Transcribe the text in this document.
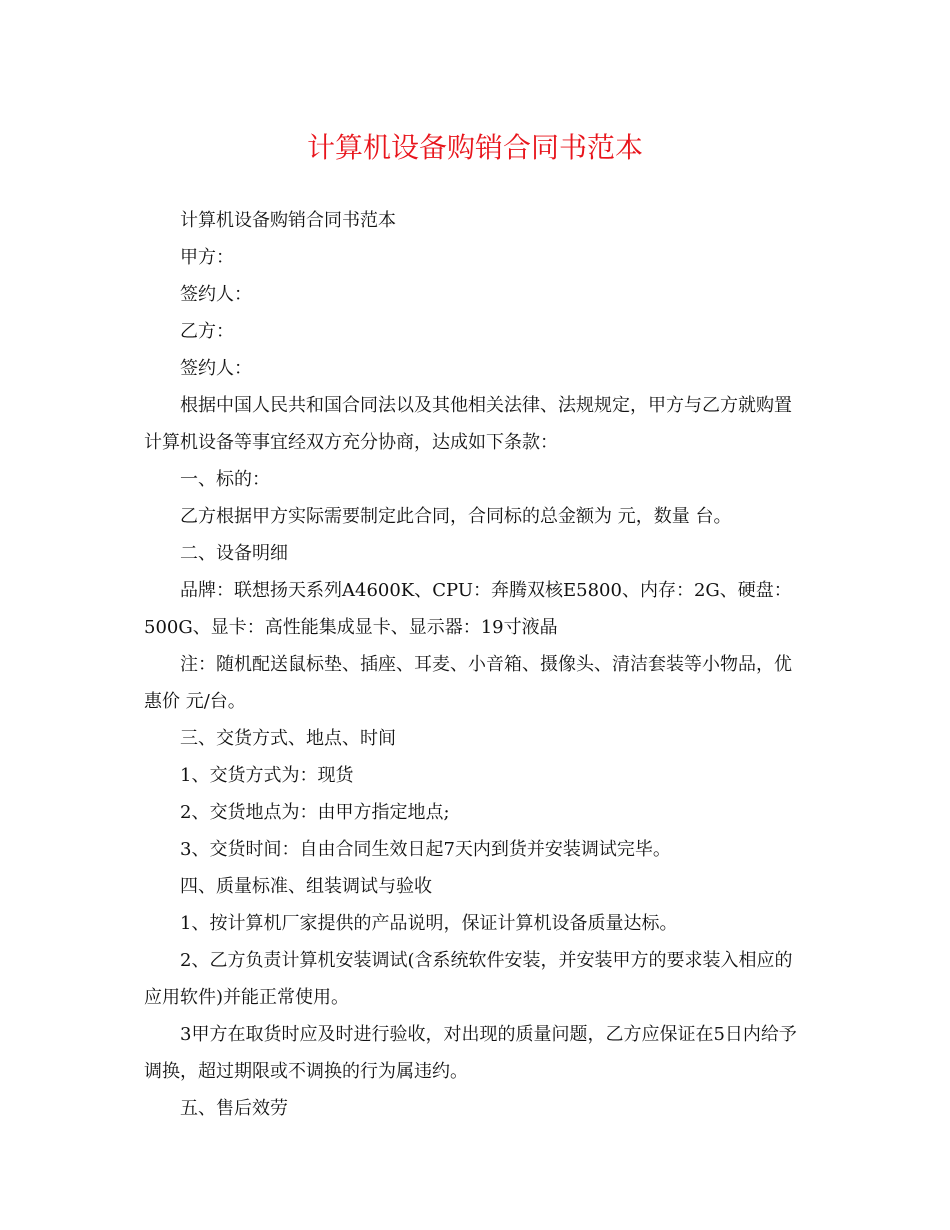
计算机设备购销合同书范本

计算机设备购销合同书范本

甲方：

签约人：

乙方：

签约人：

根据中国人民共和国合同法以及其他相关法律、法规规定，甲方与乙方就购置计算机设备等事宜经双方充分协商，达成如下条款：

一、标的：

乙方根据甲方实际需要制定此合同，合同标的总金额为 元，数量 台。

二、设备明细

品牌：联想扬天系列A4600K、CPU：奔腾双核E5800、内存：2G、硬盘：500G、显卡：高性能集成显卡、显示器：19寸液晶

注：随机配送鼠标垫、插座、耳麦、小音箱、摄像头、清洁套装等小物品，优惠价 元/台。

三、交货方式、地点、时间

1、交货方式为：现货

2、交货地点为：由甲方指定地点;

3、交货时间：自由合同生效日起7天内到货并安装调试完毕。

四、质量标准、组装调试与验收

1、按计算机厂家提供的产品说明，保证计算机设备质量达标。

2、乙方负责计算机安装调试(含系统软件安装，并安装甲方的要求装入相应的应用软件)并能正常使用。

3甲方在取货时应及时进行验收，对出现的质量问题，乙方应保证在5日内给予调换，超过期限或不调换的行为属违约。

五、售后效劳
